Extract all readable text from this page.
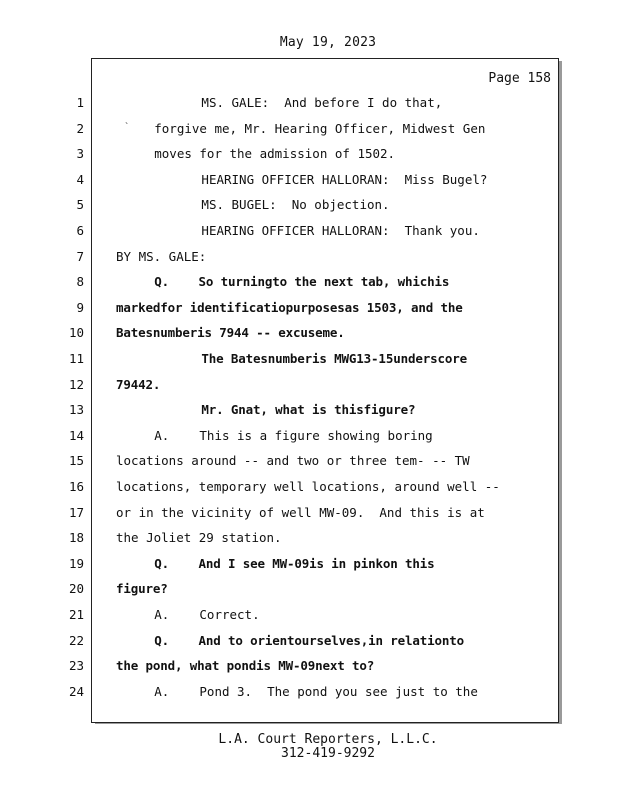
May 19, 2023
Page 158
`
1	MS. GALE:  And before I do that,
2	forgive me, Mr. Hearing Officer, Midwest Gen
3	moves for the admission of 1502.
4	HEARING OFFICER HALLORAN:  Miss Bugel?
5	MS. BUGEL:  No objection.
6	HEARING OFFICER HALLORAN:  Thank you.
7	BY MS. GALE:
8	Q.    So turningto the next tab, whichis
9	markedfor identificatiopurposesas 1503, and the
10	Batesnumberis 7944 -- excuseme.
11	The Batesnumberis MWG13-15underscore
12	79442.
13	Mr. Gnat, what is thisfigure?
14	A.    This is a figure showing boring
15	locations around -- and two or three tem- -- TW
16	locations, temporary well locations, around well --
17	or in the vicinity of well MW-09.  And this is at
18	the Joliet 29 station.
19	Q.    And I see MW-09is in pinkon this
20	figure?
21	A.    Correct.
22	Q.    And to orientourselves,in relationto
23	the pond, what pondis MW-09next to?
24	A.    Pond 3.  The pond you see just to the
L.A. Court Reporters, L.L.C.
312-419-9292
